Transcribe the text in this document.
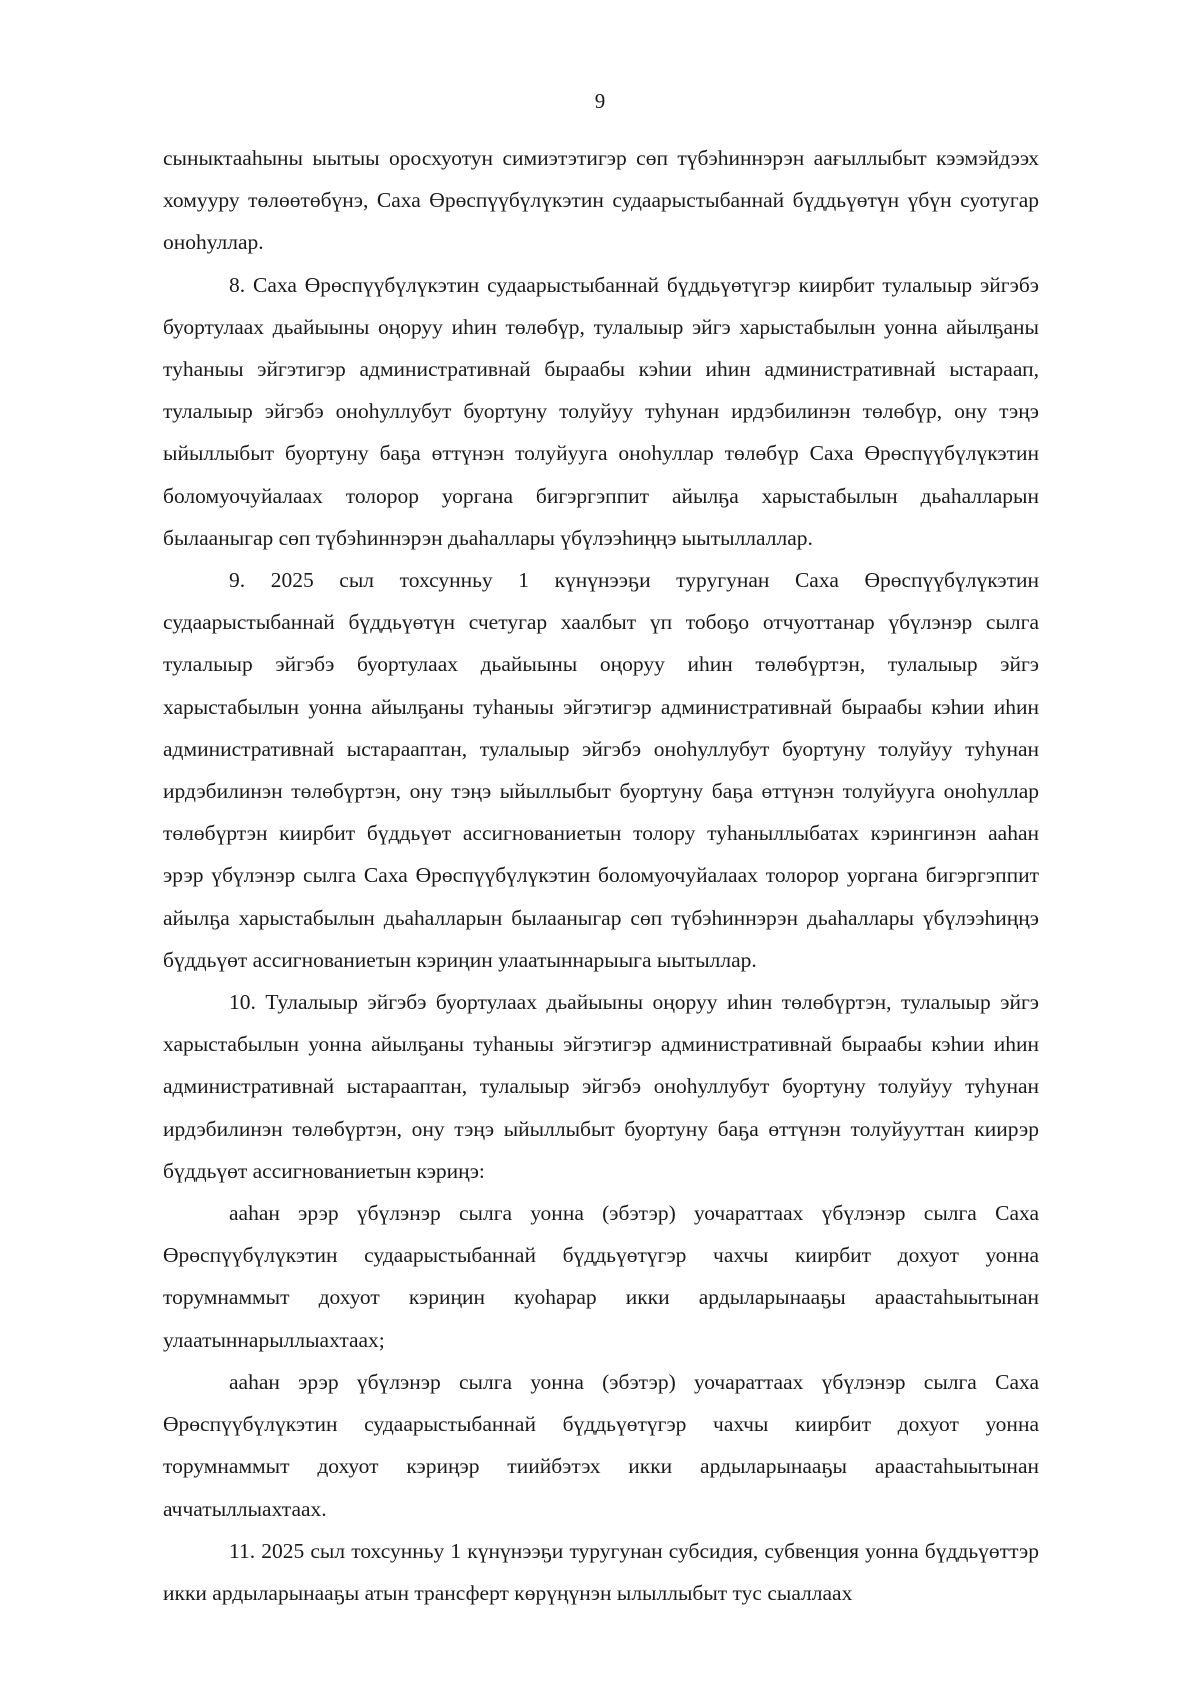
9

сыныктааһыны ыытыы оросхуотун симиэтэтигэр сөп түбэһиннэрэн аағыллыбыт кээмэйдээх хомууру төлөөтөбүнэ, Саха Өрөспүүбүлүкэтин судаарыстыбаннай бүддьүөтүн үбүн суотугар оноһуллар.

8. Саха Өрөспүүбүлүкэтин судаарыстыбаннай бүддьүөтүгэр киирбит тулалыыр эйгэбэ буортулаах дьайыыны оңоруу иһин төлөбүр, тулалыыр эйгэ харыстабылын уонна айылҕаны туһаныы эйгэтигэр административнай быраабы кэһии иһин административнай ыстараап, тулалыыр эйгэбэ оноһуллубут буортуну толуйуу туһунан ирдэбилинэн төлөбүр, ону тэңэ ыйыллыбыт буортуну баҕа өттүнэн толуйууга оноһуллар төлөбүр Саха Өрөспүүбүлүкэтин боломуочуйалаах толорор уоргана бигэргэппит айылҕа харыстабылын дьаһалларын былааныгар сөп түбэһиннэрэн дьаһаллары үбүлээһиңңэ ыытыллаллар.

9. 2025 сыл тохсунньу 1 күнүнээҕи туругунан Саха Өрөспүүбүлүкэтин судаарыстыбаннай бүддьүөтүн счетугар хаалбыт үп тобоҕо отчуоттанар үбүлэнэр сылга тулалыыр эйгэбэ буортулаах дьайыыны оңоруу иһин төлөбүртэн, тулалыыр эйгэ харыстабылын уонна айылҕаны туһаныы эйгэтигэр административнай быраабы кэһии иһин административнай ыстарааптан, тулалыыр эйгэбэ оноһуллубут буортуну толуйуу туһунан ирдэбилинэн төлөбүртэн, ону тэңэ ыйыллыбыт буортуну баҕа өттүнэн толуйууга оноһуллар төлөбүртэн киирбит бүддьүөт ассигнованиетын толору туһаныллыбатах кэрингинэн ааһан эрэр үбүлэнэр сылга Саха Өрөспүүбүлүкэтин боломуочуйалаах толорор уоргана бигэргэппит айылҕа харыстабылын дьаһалларын былааныгар сөп түбэһиннэрэн дьаһаллары үбүлээһиңңэ бүддьүөт ассигнованиетын кэриңин улаатыннарыыга ыытыллар.

10. Тулалыыр эйгэбэ буортулаах дьайыыны оңоруу иһин төлөбүртэн, тулалыыр эйгэ харыстабылын уонна айылҕаны туһаныы эйгэтигэр административнай быраабы кэһии иһин административнай ыстарааптан, тулалыыр эйгэбэ оноһуллубут буортуну толуйуу туһунан ирдэбилинэн төлөбүртэн, ону тэңэ ыйыллыбыт буортуну баҕа өттүнэн толуйууттан киирэр бүддьүөт ассигнованиетын кэриңэ:

ааһан эрэр үбүлэнэр сылга уонна (эбэтэр) уочараттаах үбүлэнэр сылга Саха Өрөспүүбүлүкэтин судаарыстыбаннай бүддьүөтүгэр чахчы киирбит дохуот уонна торумнаммыт дохуот кэриңин куоһарар икки ардыларынааҕы араастаһыытынан улаатыннарыллыахтаах;

ааһан эрэр үбүлэнэр сылга уонна (эбэтэр) уочараттаах үбүлэнэр сылга Саха Өрөспүүбүлүкэтин судаарыстыбаннай бүддьүөтүгэр чахчы киирбит дохуот уонна торумнаммыт дохуот кэриңэр тиийбэтэх икки ардыларынааҕы араастаһыытынан аччатыллыахтаах.

11. 2025 сыл тохсунньу 1 күнүнээҕи туругунан субсидия, субвенция уонна бүддьүөттэр икки ардыларынааҕы атын трансферт көрүңүнэн ылыллыбыт тус сыаллаах
